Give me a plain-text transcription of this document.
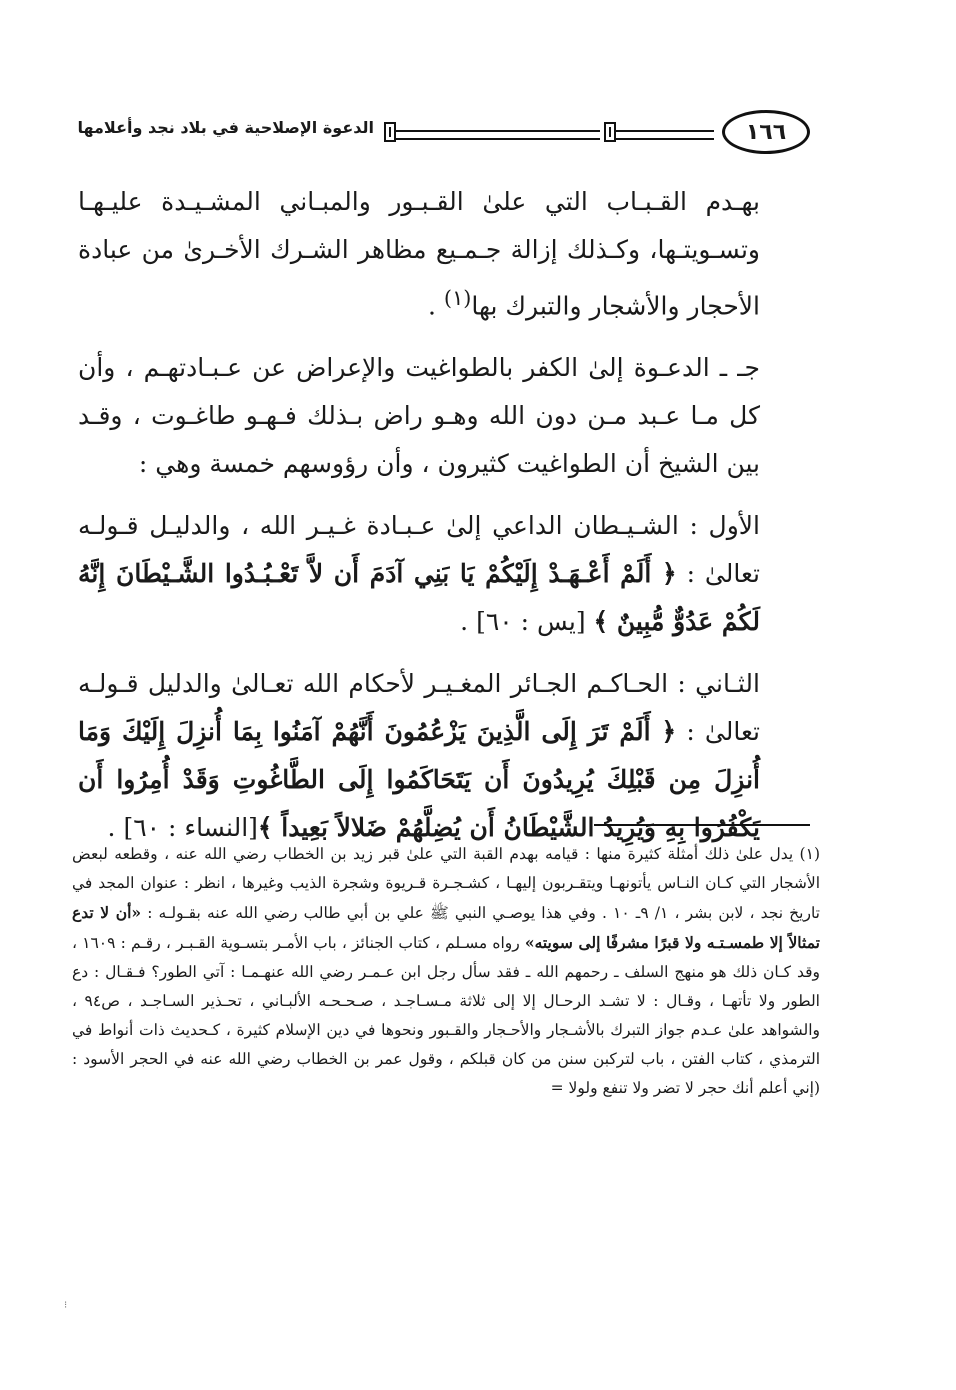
١٦٦
الدعوة الإصلاحية في بلاد نجد وأعلامها

بهـدم القـبـاب التي علىٰ القـبـور والمبـاني المشـيـدة عليـهـا وتسـويتـها، وكـذلك إزالة جـمـيع مظاهر الشـرك الأخـرىٰ من عبادة الأحجار والأشجار والتبرك بها$^{(١)}$ .

جـ ـ الدعـوة إلىٰ الكفر بالطواغيت والإعراض عن عـبـادتهـم ، وأن كل مـا عـبد مـن دون الله وهـو راض بـذلك فـهـو طاغـوت ، وقـد بين الشيخ أن الطواغيت كثيرون ، وأن رؤوسهم خمسة وهي :

الأول : الشـيـطان الداعي إلىٰ عـبـادة غـيـر الله ، والدليـل قـولـه تعالىٰ : ﴿ أَلَمْ أَعْـهَـدْ إِلَيْكُمْ يَا بَنِي آدَمَ أَن لاَّ تَعْـبُـدُوا الشَّـيْطَانَ إِنَّهُ لَكُمْ عَدُوٌّ مُّبِينٌ ﴾ [يس : ٦٠] .

الثـاني : الحـاكـم الجـائر المغـيـر لأحكام الله تعـالىٰ والدليل قـولـه تعالىٰ : ﴿ أَلَمْ تَرَ إِلَى الَّذِينَ يَزْعُمُونَ أَنَّهُمْ آمَنُوا بِمَا أُنزِلَ إِلَيْكَ وَمَا أُنزِلَ مِن قَبْلِكَ يُرِيدُونَ أَن يَتَحَاكَمُوا إِلَى الطَّاغُوتِ وَقَدْ أُمِرُوا أَن يَكْفُرُوا بِهِ وَيُرِيدُ الشَّيْطَانُ أَن يُضِلَّهُمْ ضَلالاً بَعِيداً ﴾[النساء : ٦٠] .

(١) يدل علىٰ ذلك أمثلة كثيرة منها : قيامه بهدم القبة التي علىٰ قبر زيد بن الخطاب رضي الله عنه ، وقطعه لبعض الأشجار التي كـان النـاس يأتونهـا ويتقـربون إليهـا ، كشـجـرة قـريوة وشجرة الذيب وغيرها ، انظر : عنوان المجد في تاريخ نجد ، لابن بشر ، ١/ ٩ـ ١٠ . وفي هذا يوصـي النبي ﷺ علي بن أبي طالب رضي الله عنه بقـولـه : «أن لا تدع تمثالاً إلا طمسـتـه ولا قبرًا مشرفًا إلى سويته» رواه مسـلم ، كتاب الجنائز ، باب الأمـر بتسـوية القـبـر ، رقـم : ١٦٠٩ ، وقد كـان ذلك هو منهج السلف ـ رحمهم الله ـ فقد سأل رجل ابن عـمـر رضي الله عنهـمـا : آتي الطور؟ فـقـال : دع الطور ولا تأتهـا ، وقـال : لا تشـد الرحـال إلا إلى ثلاثة مـسـاجـد ، صـحـحـه الألبـاني ، تحـذير السـاجـد ، ص٩٤ ، والشواهد علىٰ عـدم جواز التبرك بالأشـجار والأحـجار والقـبور ونحوها في دين الإسلام كثيرة ، كـحديث ذات أنواط في الترمذي ، كتاب الفتن ، باب لتركبن سنن من كان قبلكم ، وقول عمر بن الخطاب رضي الله عنه في الحجر الأسود : (إني أعلم أنك حجر لا تضر ولا تنفع ولولا =

⁝
